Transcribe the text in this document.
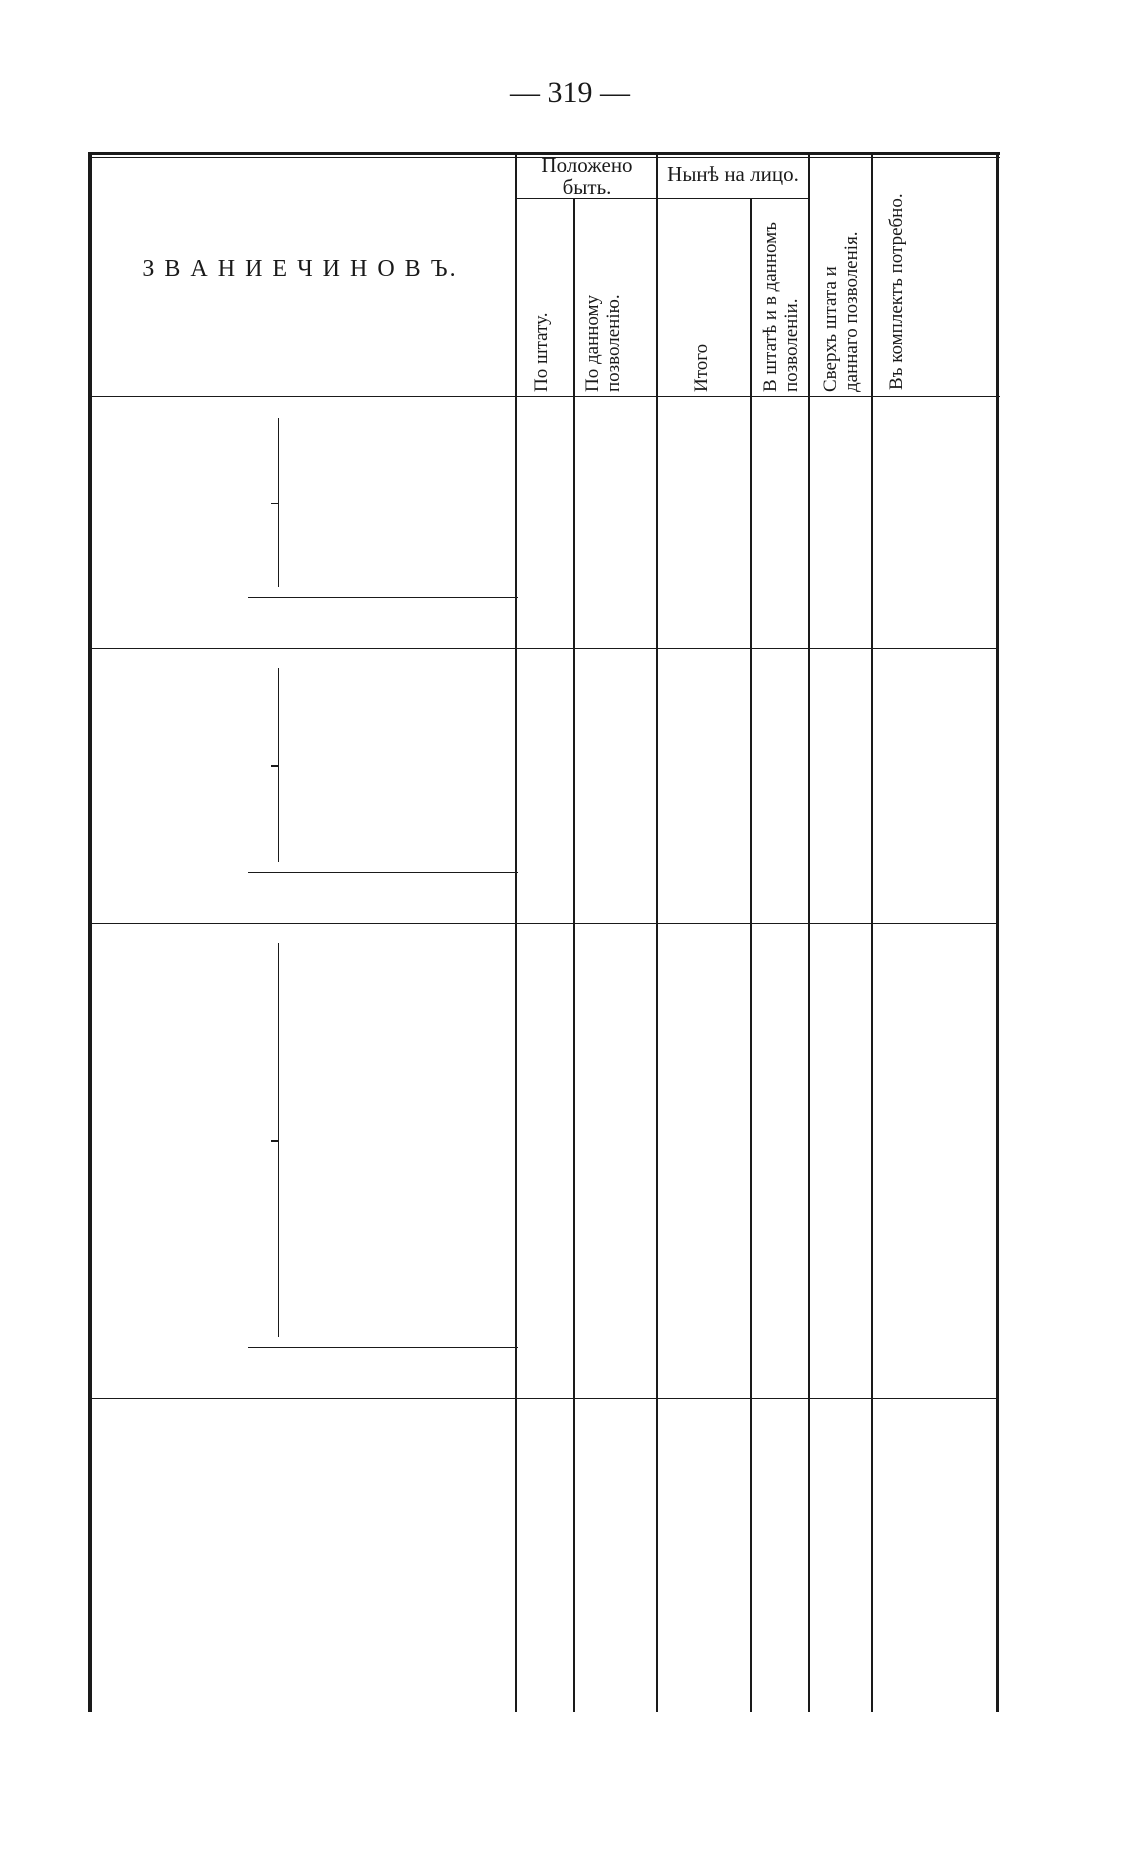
— 319 —
З В А Н И Е Ч И Н О В Ъ.
Положено быть.
Нынѣ на лицо.
По штату. По данному позволенію.	Итого	В штатѣ и в данномъ позволеніи. Сверхъ штата и даннаго позволенія. Въ комплектъ потребно.
